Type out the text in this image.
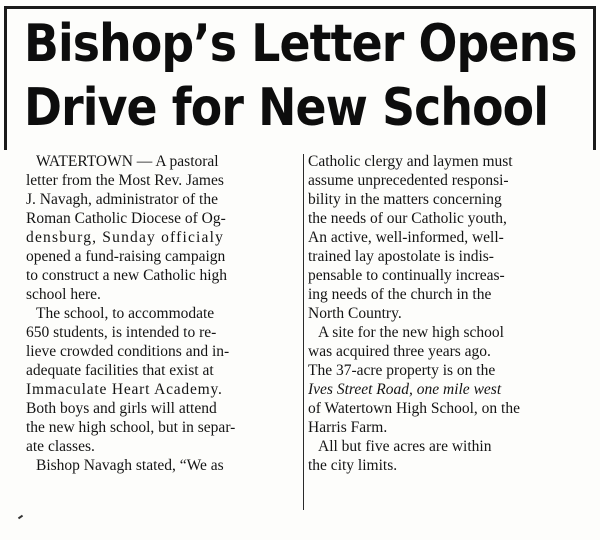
Bishop’s Letter Opens
Drive for New School
WATERTOWN — A pastoral
letter from the Most Rev. James
J. Navagh, administrator of the
Roman Catholic Diocese of Og-
densburg, Sunday officialy
opened a fund-raising campaign
to construct a new Catholic high
school here.
The school, to accommodate
650 students, is intended to re-
lieve crowded conditions and in-
adequate facilities that exist at
Immaculate Heart Academy.
Both boys and girls will attend
the new high school, but in separ-
ate classes.
Bishop Navagh stated, “We as
Catholic clergy and laymen must
assume unprecedented responsi-
bility in the matters concerning
the needs of our Catholic youth,
An active, well-informed, well-
trained lay apostolate is indis-
pensable to continually increas-
ing needs of the church in the
North Country.
A site for the new high school
was acquired three years ago.
The 37-acre property is on the
Ives Street Road, one mile west
of Watertown High School, on the
Harris Farm.
All but five acres are within
the city limits.
